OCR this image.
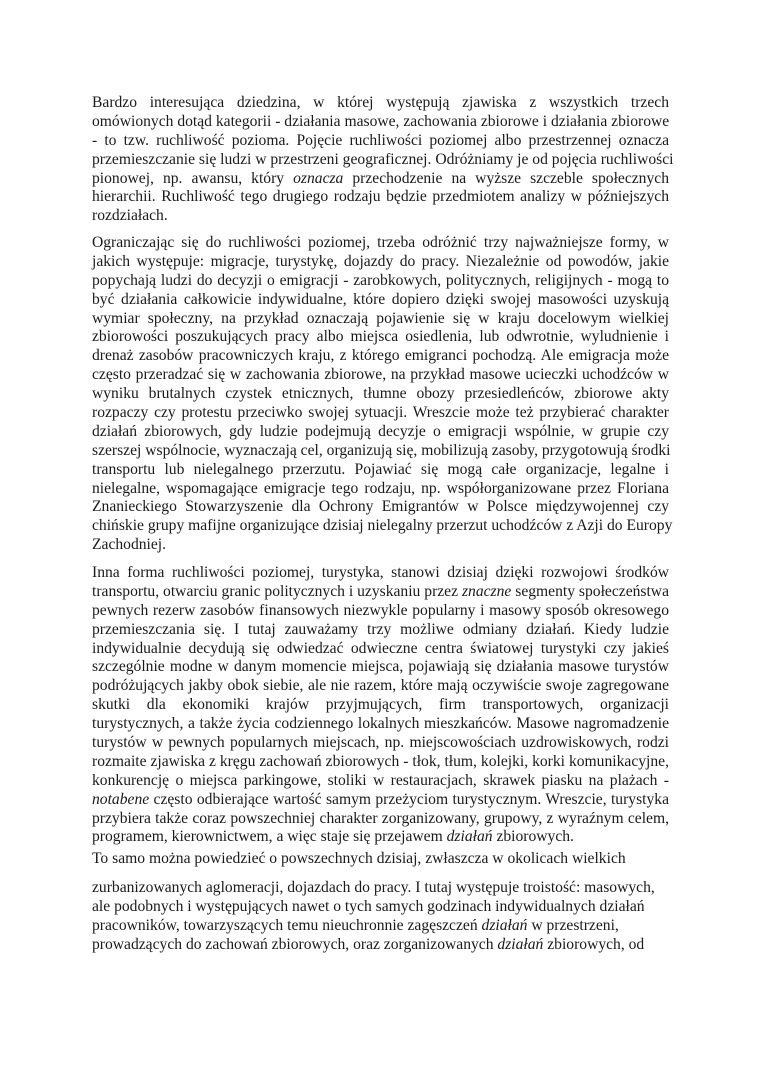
Bardzo interesująca dziedzina, w której występują zjawiska z wszystkich trzech
omówionych dotąd kategorii - działania masowe, zachowania zbiorowe i działania zbiorowe
- to tzw. ruchliwość pozioma. Pojęcie ruchliwości poziomej albo przestrzennej oznacza
przemieszczanie się ludzi w przestrzeni geograficznej. Odróżniamy je od pojęcia ruchliwości
pionowej, np. awansu, który oznacza przechodzenie na wyższe szczeble społecznych
hierarchii. Ruchliwość tego drugiego rodzaju będzie przedmiotem analizy w późniejszych
rozdziałach.
Ograniczając się do ruchliwości poziomej, trzeba odróżnić trzy najważniejsze formy, w
jakich występuje: migracje, turystykę, dojazdy do pracy. Niezależnie od powodów, jakie
popychają ludzi do decyzji o emigracji - zarobkowych, politycznych, religijnych - mogą to
być działania całkowicie indywidualne, które dopiero dzięki swojej masowości uzyskują
wymiar społeczny, na przykład oznaczają pojawienie się w kraju docelowym wielkiej
zbiorowości poszukujących pracy albo miejsca osiedlenia, lub odwrotnie, wyludnienie i
drenaż zasobów pracowniczych kraju, z którego emigranci pochodzą. Ale emigracja może
często przeradzać się w zachowania zbiorowe, na przykład masowe ucieczki uchodźców w
wyniku brutalnych czystek etnicznych, tłumne obozy przesiedleńców, zbiorowe akty
rozpaczy czy protestu przeciwko swojej sytuacji. Wreszcie może też przybierać charakter
działań zbiorowych, gdy ludzie podejmują decyzje o emigracji wspólnie, w grupie czy
szerszej wspólnocie, wyznaczają cel, organizują się, mobilizują zasoby, przygotowują środki
transportu lub nielegalnego przerzutu. Pojawiać się mogą całe organizacje, legalne i
nielegalne, wspomagające emigracje tego rodzaju, np. współorganizowane przez Floriana
Znanieckiego Stowarzyszenie dla Ochrony Emigrantów w Polsce międzywojennej czy
chińskie grupy mafijne organizujące dzisiaj nielegalny przerzut uchodźców z Azji do Europy
Zachodniej.
Inna forma ruchliwości poziomej, turystyka, stanowi dzisiaj dzięki rozwojowi środków
transportu, otwarciu granic politycznych i uzyskaniu przez znaczne segmenty społeczeństwa
pewnych rezerw zasobów finansowych niezwykle popularny i masowy sposób okresowego
przemieszczania się. I tutaj zauważamy trzy możliwe odmiany działań. Kiedy ludzie
indywidualnie decydują się odwiedzać odwieczne centra światowej turystyki czy jakieś
szczególnie modne w danym momencie miejsca, pojawiają się działania masowe turystów
podróżujących jakby obok siebie, ale nie razem, które mają oczywiście swoje zagregowane
skutki dla ekonomiki krajów przyjmujących, firm transportowych, organizacji
turystycznych, a także życia codziennego lokalnych mieszkańców. Masowe nagromadzenie
turystów w pewnych popularnych miejscach, np. miejscowościach uzdrowiskowych, rodzi
rozmaite zjawiska z kręgu zachowań zbiorowych - tłok, tłum, kolejki, korki komunikacyjne,
konkurencję o miejsca parkingowe, stoliki w restauracjach, skrawek piasku na plażach -
notabene często odbierające wartość samym przeżyciom turystycznym. Wreszcie, turystyka
przybiera także coraz powszechniej charakter zorganizowany, grupowy, z wyraźnym celem,
programem, kierownictwem, a więc staje się przejawem działań zbiorowych.
To samo można powiedzieć o powszechnych dzisiaj, zwłaszcza w okolicach wielkich
zurbanizowanych aglomeracji, dojazdach do pracy. I tutaj występuje troistość: masowych,
ale podobnych i występujących nawet o tych samych godzinach indywidualnych działań
pracowników, towarzyszących temu nieuchronnie zagęszczeń działań w przestrzeni,
prowadzących do zachowań zbiorowych, oraz zorganizowanych działań zbiorowych, od
